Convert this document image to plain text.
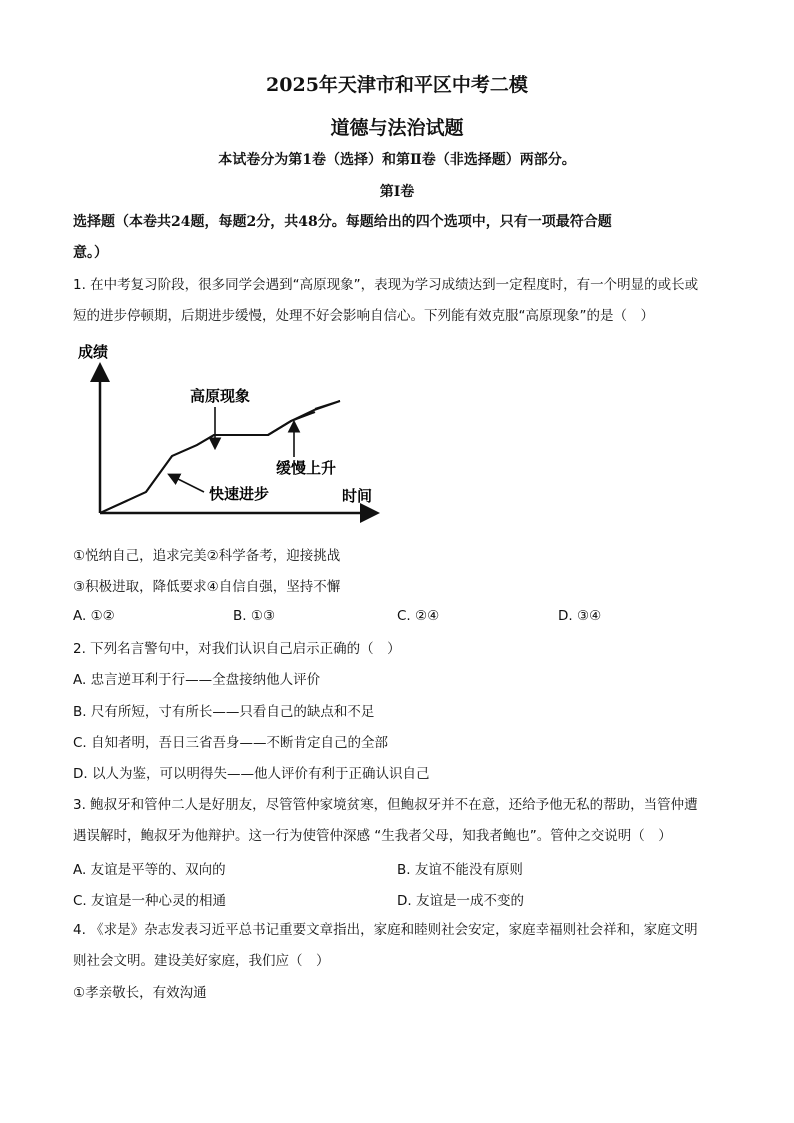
2025年天津市和平区中考二模
道德与法治试题
本试卷分为第1卷（选择）和第Ⅱ卷（非选择题）两部分。
第Ⅰ卷
选择题（本卷共24题，每题2分，共48分。每题给出的四个选项中，只有一项最符合题
意。）
1. 在中考复习阶段，很多同学会遇到“高原现象”，表现为学习成绩达到一定程度时，有一个明显的或长或
短的进步停顿期，后期进步缓慢，处理不好会影响自信心。下列能有效克服“高原现象”的是（　）
成绩
时间
高原现象
缓慢上升
快速进步
①悦纳自己，追求完美②科学备考，迎接挑战
③积极进取，降低要求④自信自强，坚持不懈
A. ①②	B. ①③	C. ②④	D. ③④
2. 下列名言警句中，对我们认识自己启示正确的（　）
A. 忠言逆耳利于行——全盘接纳他人评价
B. 尺有所短，寸有所长——只看自己的缺点和不足
C. 自知者明，吾日三省吾身——不断肯定自己的全部
D. 以人为鉴，可以明得失——他人评价有利于正确认识自己
3. 鲍叔牙和管仲二人是好朋友，尽管管仲家境贫寒，但鲍叔牙并不在意，还给予他无私的帮助，当管仲遭
遇误解时，鲍叔牙为他辩护。这一行为使管仲深感 “生我者父母，知我者鲍也”。管仲之交说明（　）
A. 友谊是平等的、双向的	B. 友谊不能没有原则
C. 友谊是一种心灵的相通	D. 友谊是一成不变的
4. 《求是》杂志发表习近平总书记重要文章指出，家庭和睦则社会安定，家庭幸福则社会祥和，家庭文明
则社会文明。建设美好家庭，我们应（　）
①孝亲敬长，有效沟通
